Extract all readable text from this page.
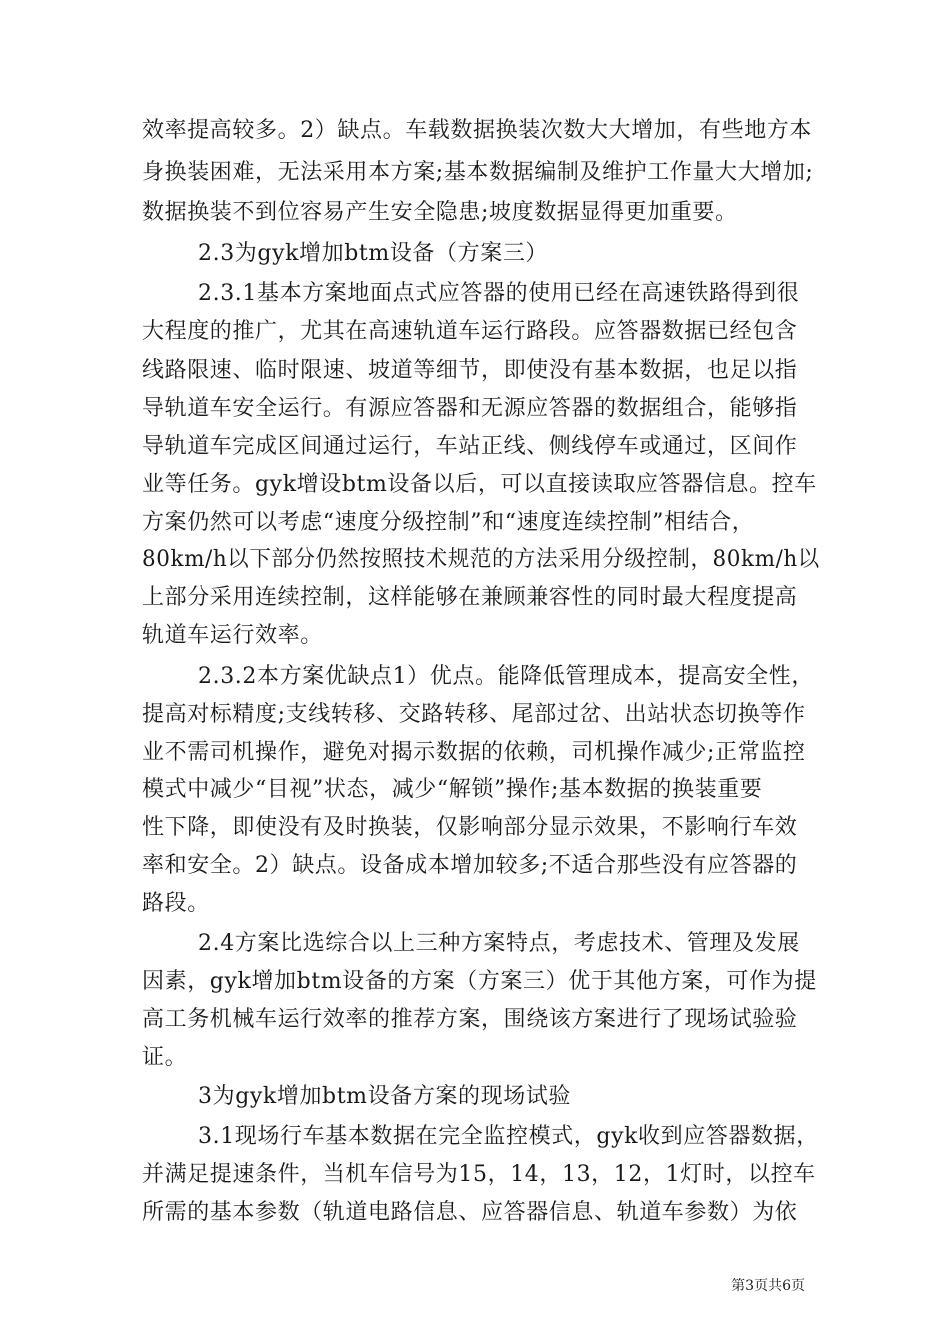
效率提高较多。2）缺点。车载数据换装次数大大增加，有些地方本
身换装困难，无法采用本方案;基本数据编制及维护工作量大大增加;
数据换装不到位容易产生安全隐患;坡度数据显得更加重要。
2.3为gyk增加btm设备（方案三）
2.3.1基本方案地面点式应答器的使用已经在高速铁路得到很
大程度的推广，尤其在高速轨道车运行路段。应答器数据已经包含
线路限速、临时限速、坡道等细节，即使没有基本数据，也足以指
导轨道车安全运行。有源应答器和无源应答器的数据组合，能够指
导轨道车完成区间通过运行，车站正线、侧线停车或通过，区间作
业等任务。gyk增设btm设备以后，可以直接读取应答器信息。控车
方案仍然可以考虑“速度分级控制”和“速度连续控制”相结合，
80km/h以下部分仍然按照技术规范的方法采用分级控制，80km/h以
上部分采用连续控制，这样能够在兼顾兼容性的同时最大程度提高
轨道车运行效率。
2.3.2本方案优缺点1）优点。能降低管理成本，提高安全性，
提高对标精度;支线转移、交路转移、尾部过岔、出站状态切换等作
业不需司机操作，避免对揭示数据的依赖，司机操作减少;正常监控
模式中减少“目视”状态，减少“解锁”操作;基本数据的换装重要
性下降，即使没有及时换装，仅影响部分显示效果，不影响行车效
率和安全。2）缺点。设备成本增加较多;不适合那些没有应答器的
路段。
2.4方案比选综合以上三种方案特点，考虑技术、管理及发展
因素，gyk增加btm设备的方案（方案三）优于其他方案，可作为提
高工务机械车运行效率的推荐方案，围绕该方案进行了现场试验验
证。
3为gyk增加btm设备方案的现场试验
3.1现场行车基本数据在完全监控模式，gyk收到应答器数据，
并满足提速条件，当机车信号为15，14，13，12，1灯时，以控车
所需的基本参数（轨道电路信息、应答器信息、轨道车参数）为依
第3页共6页
